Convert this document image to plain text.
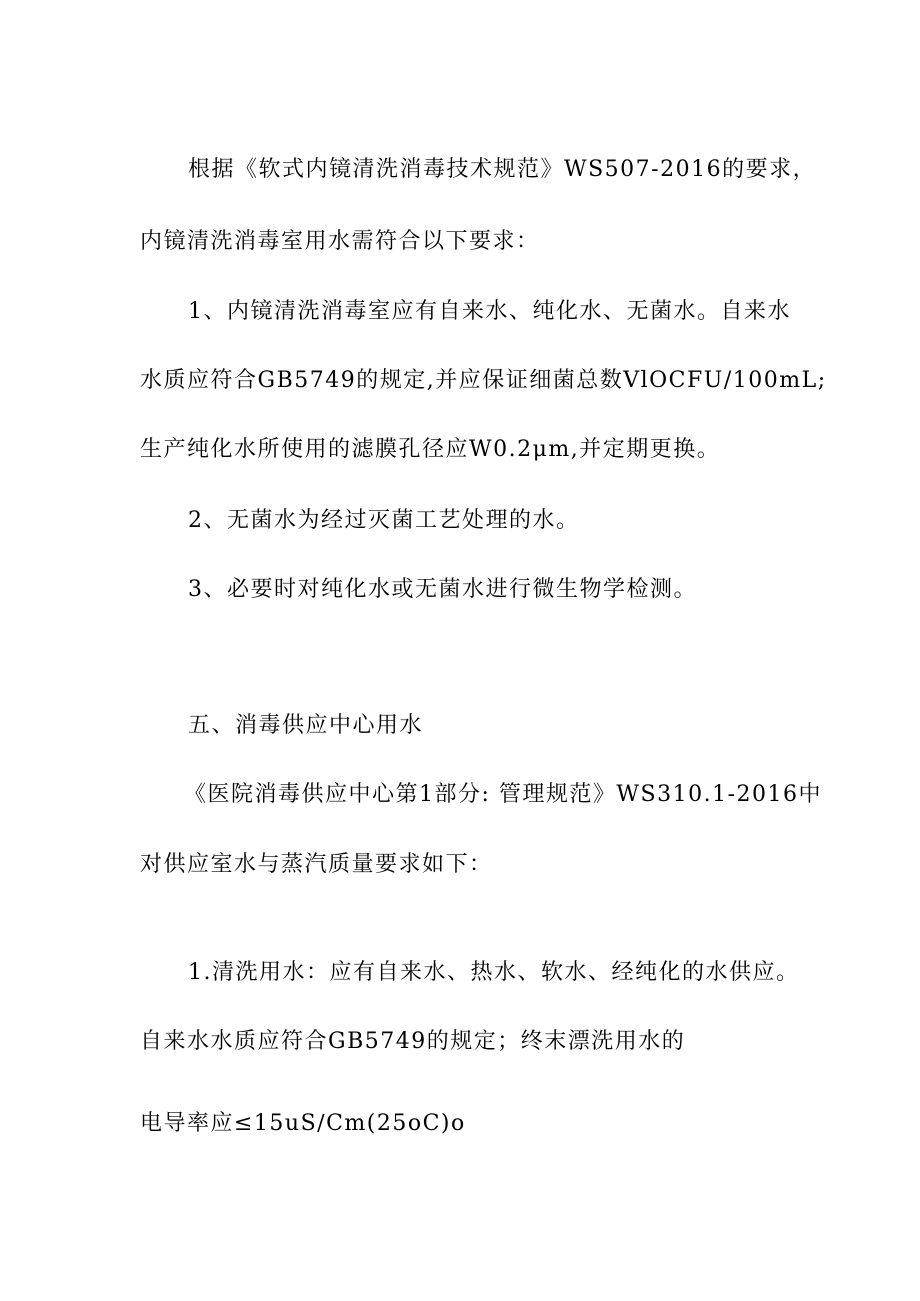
根据《软式内镜清洗消毒技术规范》WS507-2016的要求，
内镜清洗消毒室用水需符合以下要求：
1、内镜清洗消毒室应有自来水、纯化水、无菌水。自来水
水质应符合GB5749的规定,并应保证细菌总数VlOCFU/100mL;
生产纯化水所使用的滤膜孔径应W0.2μm,并定期更换。
2、无菌水为经过灭菌工艺处理的水。
3、必要时对纯化水或无菌水进行微生物学检测。
五、消毒供应中心用水
《医院消毒供应中心第1部分: 管理规范》WS310.1-2016中
对供应室水与蒸汽质量要求如下：
1.清洗用水：应有自来水、热水、软水、经纯化的水供应。
自来水水质应符合GB5749的规定；终末漂洗用水的
电导率应≤15uS∕Cm(25oC)o
